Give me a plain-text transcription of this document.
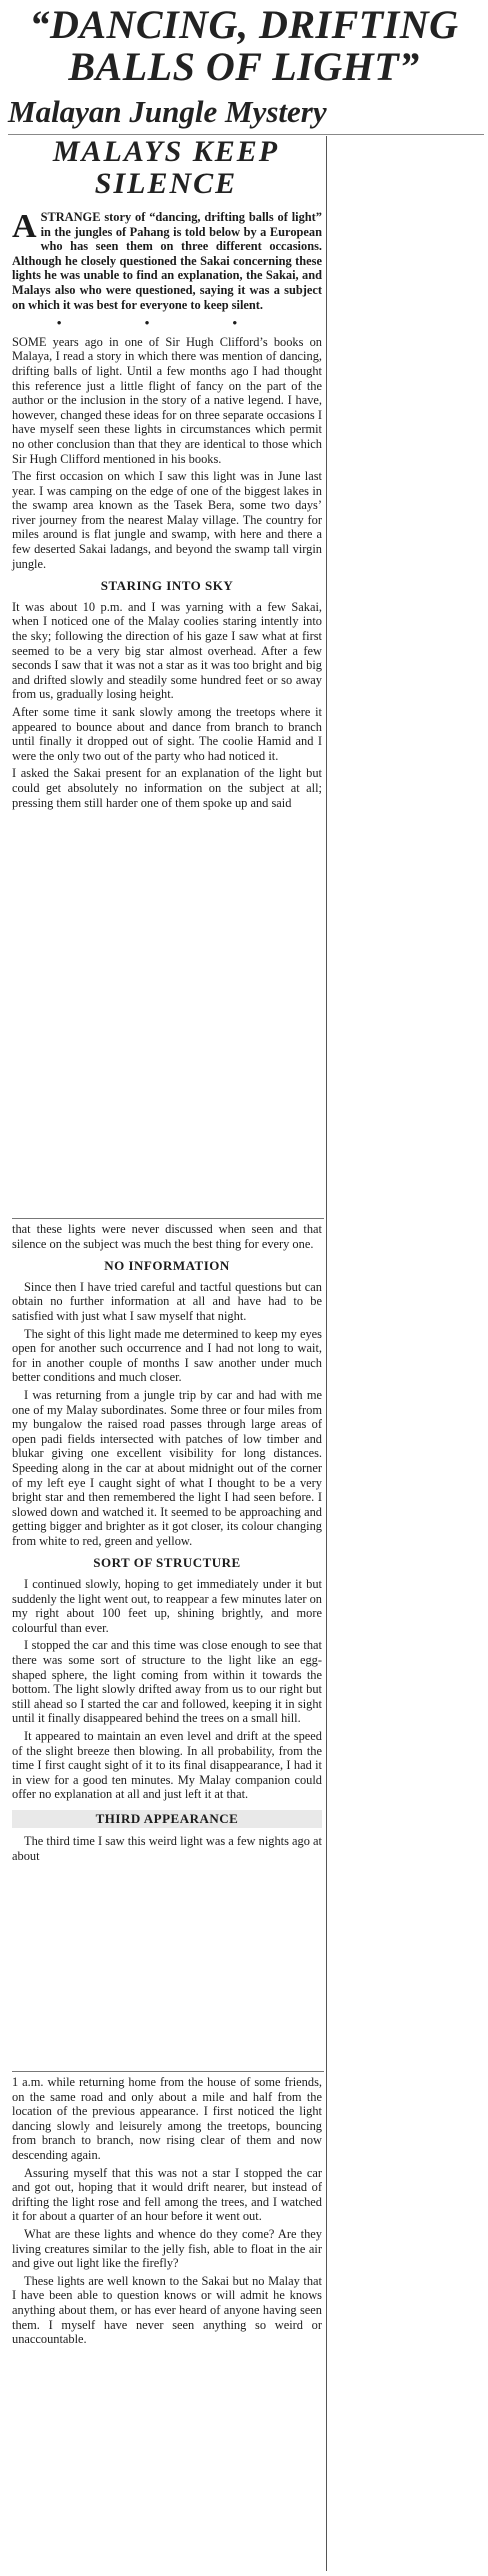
“DANCING, DRIFTING BALLS OF LIGHT”
Malayan Jungle Mystery
MALAYS KEEP SILENCE

ASTRANGE story of “dancing, drifting balls of light” in the jungles of Pahang is told below by a European who has seen them on three different occasions. Although he closely questioned the Sakai concerning these lights he was unable to find an explanation, the Sakai, and Malays also who were questioned, saying it was a subject on which it was best for everyone to keep silent.

• • •

SOME years ago in one of Sir Hugh Clifford’s books on Malaya, I read a story in which there was mention of dancing, drifting balls of light. Until a few months ago I had thought this reference just a little flight of fancy on the part of the author or the inclusion in the story of a native legend. I have, however, changed these ideas for on three separate occasions I have myself seen these lights in circumstances which permit no other conclusion than that they are identical to those which Sir Hugh Clifford mentioned in his books.

The first occasion on which I saw this light was in June last year. I was camping on the edge of one of the biggest lakes in the swamp area known as the Tasek Bera, some two days’ river journey from the nearest Malay village. The country for miles around is flat jungle and swamp, with here and there a few deserted Sakai ladangs, and beyond the swamp tall virgin jungle.

STARING INTO SKY

It was about 10 p.m. and I was yarning with a few Sakai, when I noticed one of the Malay coolies staring intently into the sky; following the direction of his gaze I saw what at first seemed to be a very big star almost overhead. After a few seconds I saw that it was not a star as it was too bright and big and drifted slowly and steadily some hundred feet or so away from us, gradually losing height.

After some time it sank slowly among the treetops where it appeared to bounce about and dance from branch to branch until finally it dropped out of sight. The coolie Hamid and I were the only two out of the party who had noticed it.

I asked the Sakai present for an explanation of the light but could get absolutely no information on the subject at all; pressing them still harder one of them spoke up and said

that these lights were never discussed when seen and that silence on the subject was much the best thing for every one.

NO INFORMATION

Since then I have tried careful and tactful questions but can obtain no further information at all and have had to be satisfied with just what I saw myself that night.

The sight of this light made me determined to keep my eyes open for another such occurrence and I had not long to wait, for in another couple of months I saw another under much better conditions and much closer.

I was returning from a jungle trip by car and had with me one of my Malay subordinates. Some three or four miles from my bungalow the raised road passes through large areas of open padi fields intersected with patches of low timber and blukar giving one excellent visibility for long distances. Speeding along in the car at about midnight out of the corner of my left eye I caught sight of what I thought to be a very bright star and then remembered the light I had seen before. I slowed down and watched it. It seemed to be approaching and getting bigger and brighter as it got closer, its colour changing from white to red, green and yellow.

SORT OF STRUCTURE

I continued slowly, hoping to get immediately under it but suddenly the light went out, to reappear a few minutes later on my right about 100 feet up, shining brightly, and more colourful than ever.

I stopped the car and this time was close enough to see that there was some sort of structure to the light like an egg-shaped sphere, the light coming from within it towards the bottom. The light slowly drifted away from us to our right but still ahead so I started the car and followed, keeping it in sight until it finally disappeared behind the trees on a small hill.

It appeared to maintain an even level and drift at the speed of the slight breeze then blowing. In all probability, from the time I first caught sight of it to its final disappearance, I had it in view for a good ten minutes. My Malay companion could offer no explanation at all and just left it at that.

THIRD APPEARANCE

The third time I saw this weird light was a few nights ago at about

1 a.m. while returning home from the house of some friends, on the same road and only about a mile and half from the location of the previous appearance. I first noticed the light dancing slowly and leisurely among the treetops, bouncing from branch to branch, now rising clear of them and now descending again.

Assuring myself that this was not a star I stopped the car and got out, hoping that it would drift nearer, but instead of drifting the light rose and fell among the trees, and I watched it for about a quarter of an hour before it went out.

What are these lights and whence do they come? Are they living creatures similar to the jelly fish, able to float in the air and give out light like the firefly?

These lights are well known to the Sakai but no Malay that I have been able to question knows or will admit he knows anything about them, or has ever heard of anyone having seen them. I myself have never seen anything so weird or unaccountable.
